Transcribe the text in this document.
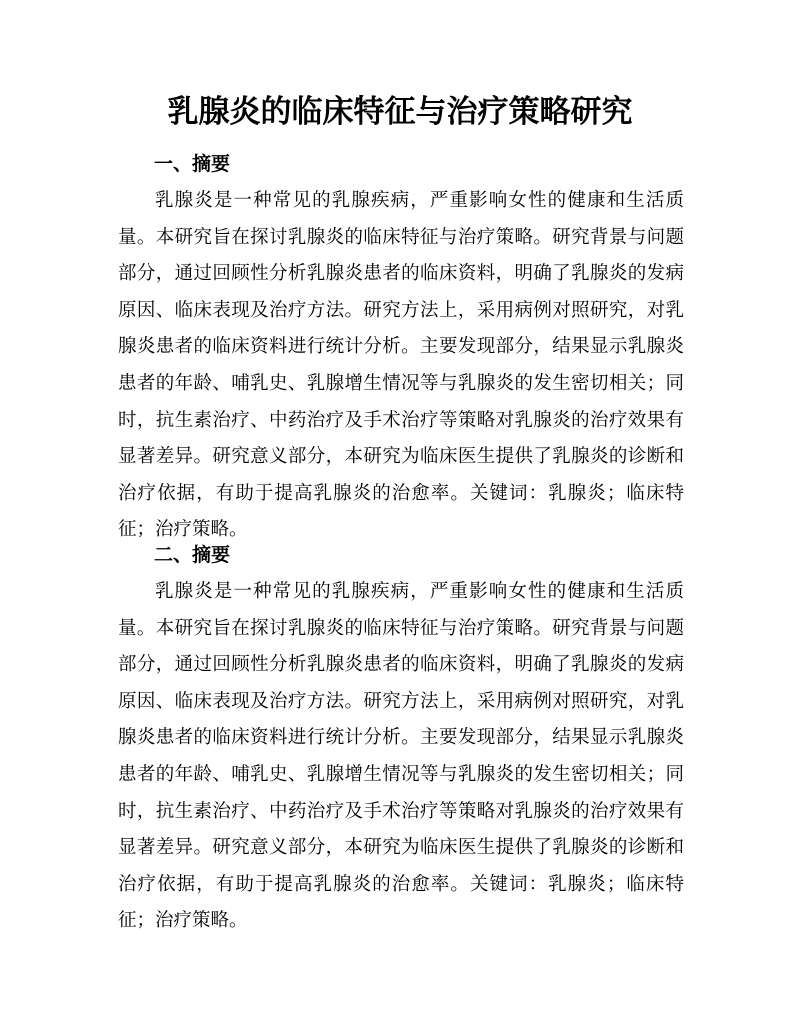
乳腺炎的临床特征与治疗策略研究
一、摘要

乳腺炎是一种常见的乳腺疾病，严重影响女性的健康和生活质量。本研究旨在探讨乳腺炎的临床特征与治疗策略。研究背景与问题部分，通过回顾性分析乳腺炎患者的临床资料，明确了乳腺炎的发病原因、临床表现及治疗方法。研究方法上，采用病例对照研究，对乳腺炎患者的临床资料进行统计分析。主要发现部分，结果显示乳腺炎患者的年龄、哺乳史、乳腺增生情况等与乳腺炎的发生密切相关；同时，抗生素治疗、中药治疗及手术治疗等策略对乳腺炎的治疗效果有显著差异。研究意义部分，本研究为临床医生提供了乳腺炎的诊断和治疗依据，有助于提高乳腺炎的治愈率。关键词：乳腺炎；临床特征；治疗策略。

二、摘要

乳腺炎是一种常见的乳腺疾病，严重影响女性的健康和生活质量。本研究旨在探讨乳腺炎的临床特征与治疗策略。研究背景与问题部分，通过回顾性分析乳腺炎患者的临床资料，明确了乳腺炎的发病原因、临床表现及治疗方法。研究方法上，采用病例对照研究，对乳腺炎患者的临床资料进行统计分析。主要发现部分，结果显示乳腺炎患者的年龄、哺乳史、乳腺增生情况等与乳腺炎的发生密切相关；同时，抗生素治疗、中药治疗及手术治疗等策略对乳腺炎的治疗效果有显著差异。研究意义部分，本研究为临床医生提供了乳腺炎的诊断和治疗依据，有助于提高乳腺炎的治愈率。关键词：乳腺炎；临床特征；治疗策略。
